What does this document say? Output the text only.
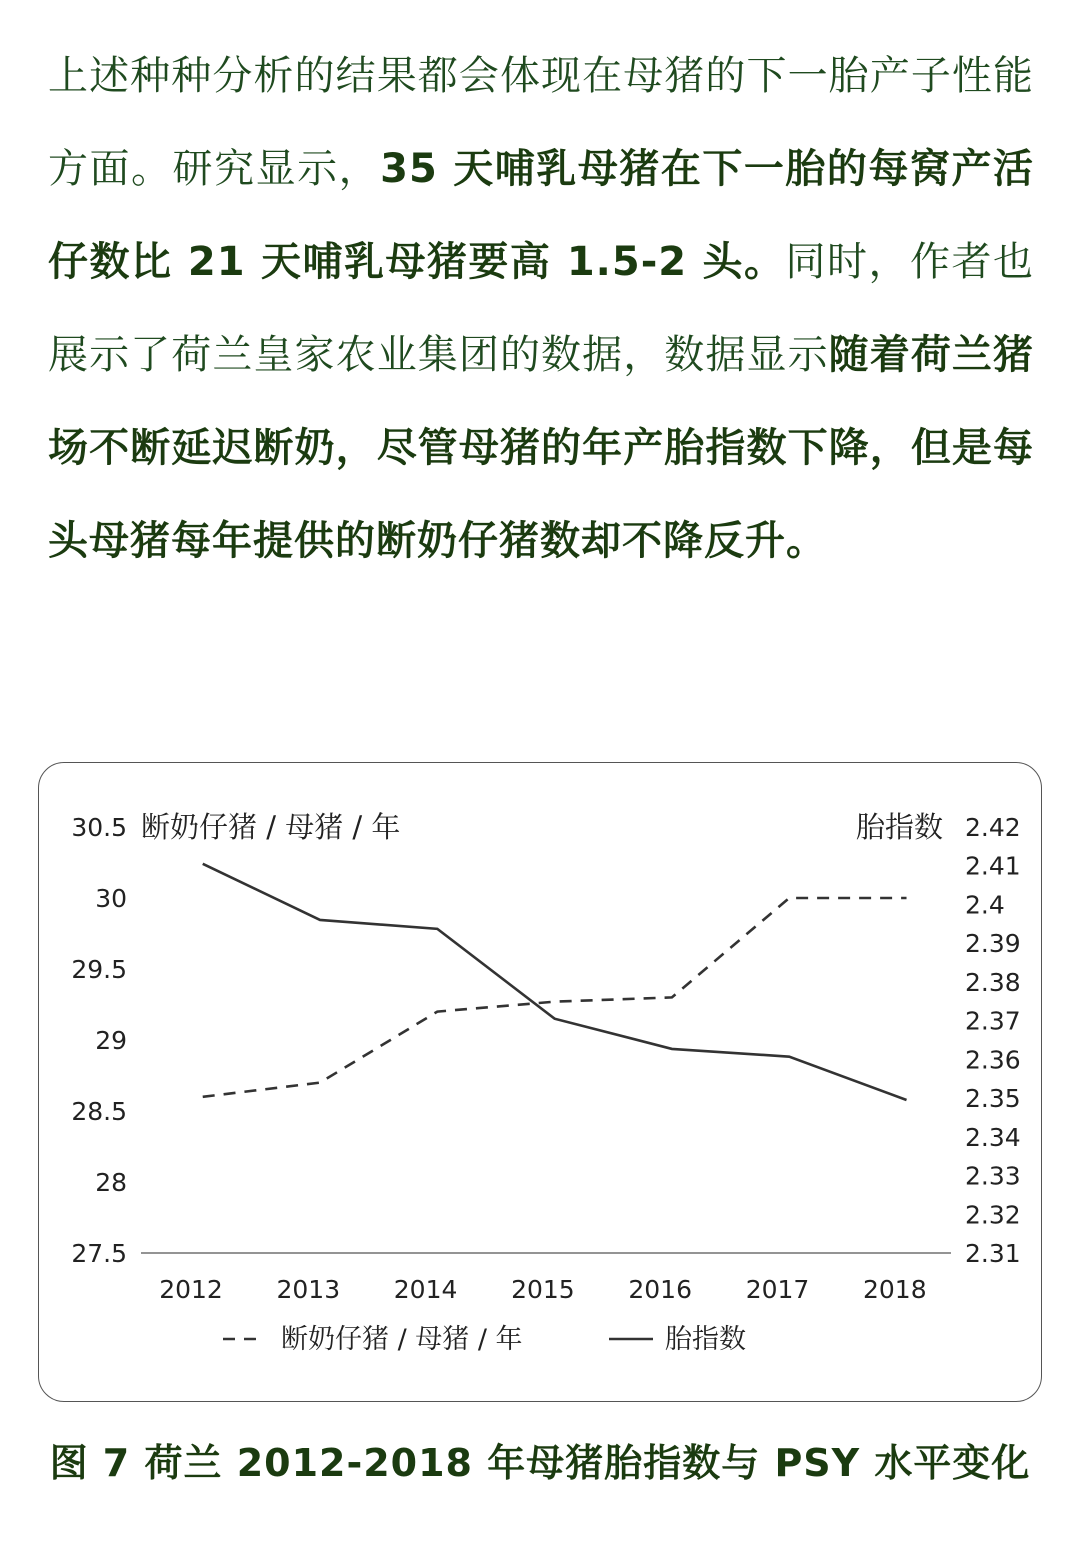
上述种种分析的结果都会体现在母猪的下一胎产子性能方面。研究显示，35 天哺乳母猪在下一胎的每窝产活仔数比 21 天哺乳母猪要高 1.5-2 头。同时，作者也展示了荷兰皇家农业集团的数据，数据显示随着荷兰猪场不断延迟断奶，尽管母猪的年产胎指数下降，但是每头母猪每年提供的断奶仔猪数却不降反升。

30.5
30
29.5
29
28.5
28
27.5
2.42
2.41
2.4
2.39
2.38
2.37
2.36
2.35
2.34
2.33
2.32
2.31
断奶仔猪 / 母猪 / 年	胎指数
2012 2013 2014 2015 2016 2017 2018
断奶仔猪 / 母猪 / 年	胎指数
图 7 荷兰 2012-2018 年母猪胎指数与 PSY 水平变化
